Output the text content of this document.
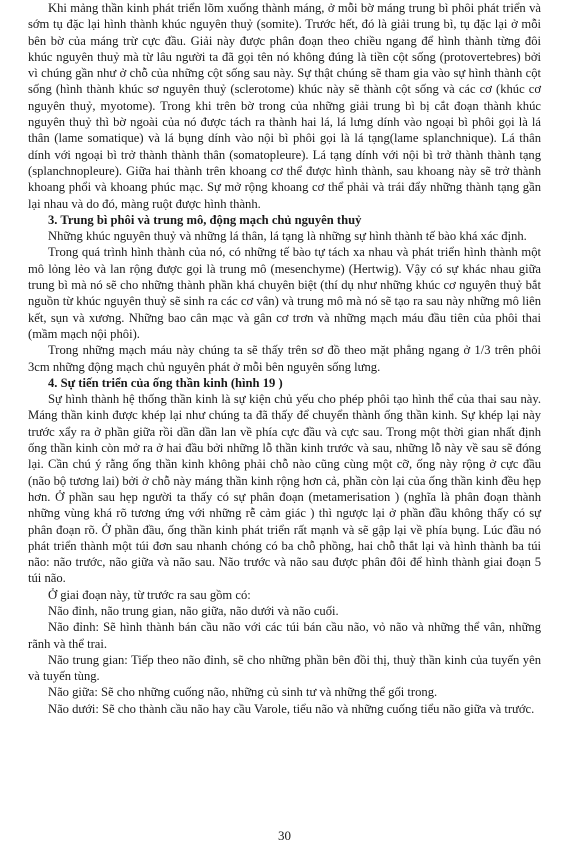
Khi mảng thần kinh phát triển lõm xuống thành máng, ở mỗi bờ máng trung bì phôi phát triển và sớm tụ đặc lại hình thành khúc nguyên thuỷ (somite). Trước hết, đó là giải trung bì, tụ đặc lại ở mỗi bên bờ của máng trừ cực đầu. Giải này được phân đoạn theo chiều ngang để hình thành từng đôi khúc nguyên thuỷ mà từ lâu người ta đã gọi tên nó không đúng là tiền cột sống (protovertebres) bởi vì chúng gần như ở chỗ của những cột sống sau này. Sự thật chúng sẽ tham gia vào sự hình thành cột sống (hình thành khúc sơ nguyên thuỷ (sclerotome) khúc này sẽ thành cột sống và các cơ (khúc cơ nguyên thuỷ, myotome). Trong khi trên bờ trong của những giải trung bì bị cắt đoạn thành khúc nguyên thuỷ thì bờ ngoài của nó được tách ra thành hai lá, lá lưng dính vào ngoại bì phôi gọi là lá thân (lame somatique) và lá bụng dính vào nội bì phôi gọi là lá tạng(lame splanchnique). Lá thân dính với ngoại bì trở thành thành thân (somatopleure). Lá tạng dính với nội bì trở thành thành tạng (splanchnopleure). Giữa hai thành trên khoang cơ thể được hình thành, sau khoang này sẽ trở thành khoang phổi và khoang phúc mạc. Sự mở rộng khoang cơ thể phải và trái đẩy những thành tạng gần lại nhau và do đó, màng ruột được hình thành.

3. Trung bì phôi và trung mô, động mạch chủ nguyên thuỷ

Những khúc nguyên thuỷ và những lá thân, lá tạng là những sự hình thành tế bào khá xác định.

Trong quá trình hình thành của nó, có những tế bào tự tách xa nhau và phát triển hình thành một mô lỏng lẻo và lan rộng được gọi là trung mô (mesenchyme) (Hertwig). Vậy có sự khác nhau giữa trung bì mà nó sẽ cho những thành phần khá chuyên biệt (thí dụ như những khúc cơ nguyên thuỷ bắt nguồn từ khúc nguyên thuỷ sẽ sinh ra các cơ vân) và trung mô mà nó sẽ tạo ra sau này những mô liên kết, sụn và xương. Những bao cân mạc và gân cơ trơn và những mạch máu đầu tiên của phôi thai (mầm mạch nội phôi).

Trong những mạch máu này chúng ta sẽ thấy trên sơ đồ theo mặt phẳng ngang ở 1/3 trên phôi 3cm những động mạch chủ nguyên phát ở mỗi bên nguyên sống lưng.

4. Sự tiến triển của ống thần kinh (hình 19 )

Sự hình thành hệ thống thần kinh là sự kiện chủ yếu cho phép phôi tạo hình thể của thai sau này. Máng thần kinh được khép lại như chúng ta đã thấy để chuyển thành ống thần kinh. Sự khép lại này trước xẩy ra ở phần giữa rồi dần dần lan về phía cực đầu và cực sau. Trong một thời gian nhất định ống thần kinh còn mở ra ở hai đầu bởi những lỗ thần kinh trước và sau, những lỗ này về sau sẽ đóng lại. Cần chú ý rằng ống thần kinh không phải chỗ nào cũng cùng một cỡ, ống này rộng ở cực đầu (não bộ tương lai) bởi ở chỗ này máng thần kinh rộng hơn cả, phần còn lại của ống thần kinh đều hẹp hơn. Ở phần sau hẹp người ta thấy có sự phân đoạn (metamerisation ) (nghĩa là phân đoạn thành những vùng khá rõ tương ứng với những rễ cảm giác ) thì ngược lại ở phần đầu không thấy có sự phân đoạn rõ. Ở phần đầu, ống thần kinh phát triển rất mạnh và sẽ gập lại về phía bụng. Lúc đầu nó phát triển thành một túi đơn sau nhanh chóng có ba chỗ phồng, hai chỗ thắt lại và hình thành ba túi não: não trước, não giữa và não sau. Não trước và não sau được phân đôi để hình thành giai đoạn 5 túi não.

Ở giai đoạn này, từ trước ra sau gồm có:

Não đỉnh, não trung gian, não giữa, não dưới và não cuối.

Não đỉnh: Sẽ hình thành bán cầu não với các túi bán cầu não, vỏ não và những thể vân, những rãnh và thể trai.

Não trung gian: Tiếp theo não đỉnh, sẽ cho những phần bên đồi thị, thuỳ thần kinh của tuyến yên và tuyến tùng.

Não giữa: Sẽ cho những cuống não, những củ sinh tư và những thể gối trong.

Não dưới: Sẽ cho thành cầu não hay cầu Varole, tiểu não và những cuống tiểu não giữa và trước.

30
